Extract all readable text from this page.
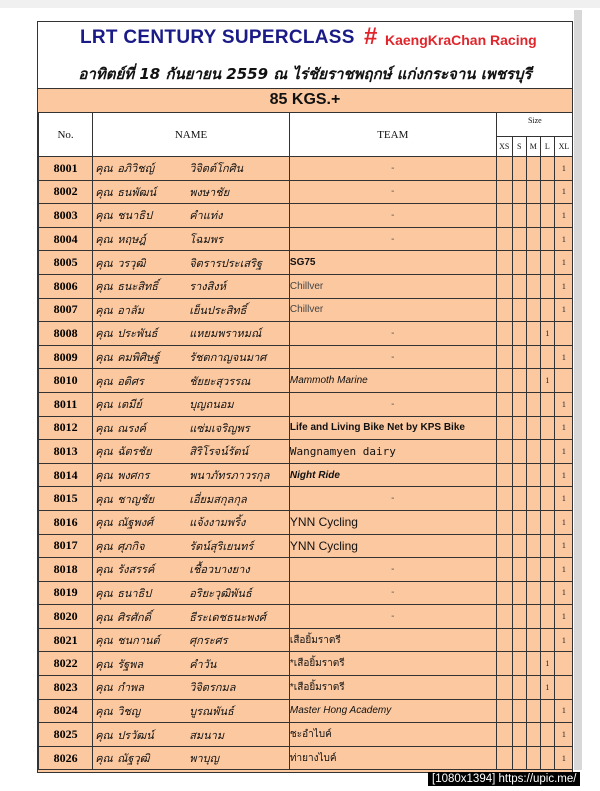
LRT CENTURY SUPERCLASS # KaengKraChan Racing
อาทิตย์ที่ 18 กันยายน 2559 ณ ไร่ชัยราชพฤกษ์ แก่งกระจาน เพชรบุรี
85 KGS.+
No.	NAME	TEAM	Size				
			XS	S	M	L	XL
8001	คุณ อภิวิชญ์ วิจิตต์โกศิน	-					1
8002	คุณ ธนพัฒน์ พงษาชัย	-					1
8003	คุณ ชนาธิป คำแท่ง	-					1
8004	คุณ หฤษฎ์ โฉมพร	-					1
8005	คุณ วรวุฒิ จิตรารประเสริฐ	SG75					1
8006	คุณ ธนะสิทธิ์ รางสิงห์	Chillver					1
8007	คุณ อาลัม เย็นประสิทธิ์	Chillver					1
8008	คุณ ประพันธ์ แหยมพราหมณ์	-				1	
8009	คุณ คมพิศิษฐ์ รัชตกาญจนมาศ	-					1
8010	คุณ อติศร ชัยยะสุวรรณ	Mammoth Marine				1	
8011	คุณ เตมีย์ บุญถนอม	-					1
8012	คุณ ณรงค์ แซ่มเจริญพร	Life and Living Bike Net by KPS Bike					1
8013	คุณ ฉัตรชัย สิริโรจน์รัตน์	Wangnamyen dairy					1
8014	คุณ พงศกร พนาภัทรภาวรกุล	Night Ride					1
8015	คุณ ชาญชัย เอี่ยมสกุลกุล	-					1
8016	คุณ ณัฐพงศ์ แจ้งงามพริ้ง	YNN Cycling					1
8017	คุณ ศุภกิจ รัตน์สุริเยนทร์	YNN Cycling					1
8018	คุณ รังสรรค์ เชื้อวบางยาง	-					1
8019	คุณ ธนาธิป อริยะวุฒิพันธ์	-					1
8020	คุณ ศิรศักดิ์ ธีระเดชธนะพงศ์	-					1
8021	คุณ ชนกานต์ ศุกระศร	เสือยิ้มราตรี					1
8022	คุณ รัฐพล คำวัน	*เสือยิ้มราตรี				1	
8023	คุณ กำพล วิจิตรกมล	*เสือยิ้มราตรี				1	
8024	คุณ วิชญ บูรณพันธ์	Master Hong Academy					1
8025	คุณ ปรวัฒน์ สมนาม	ชะอำไบค์					1
8026	คุณ ณัฐวุฒิ พาบุญ	ท่ายางไบค์					1
[1080x1394] https://upic.me/
